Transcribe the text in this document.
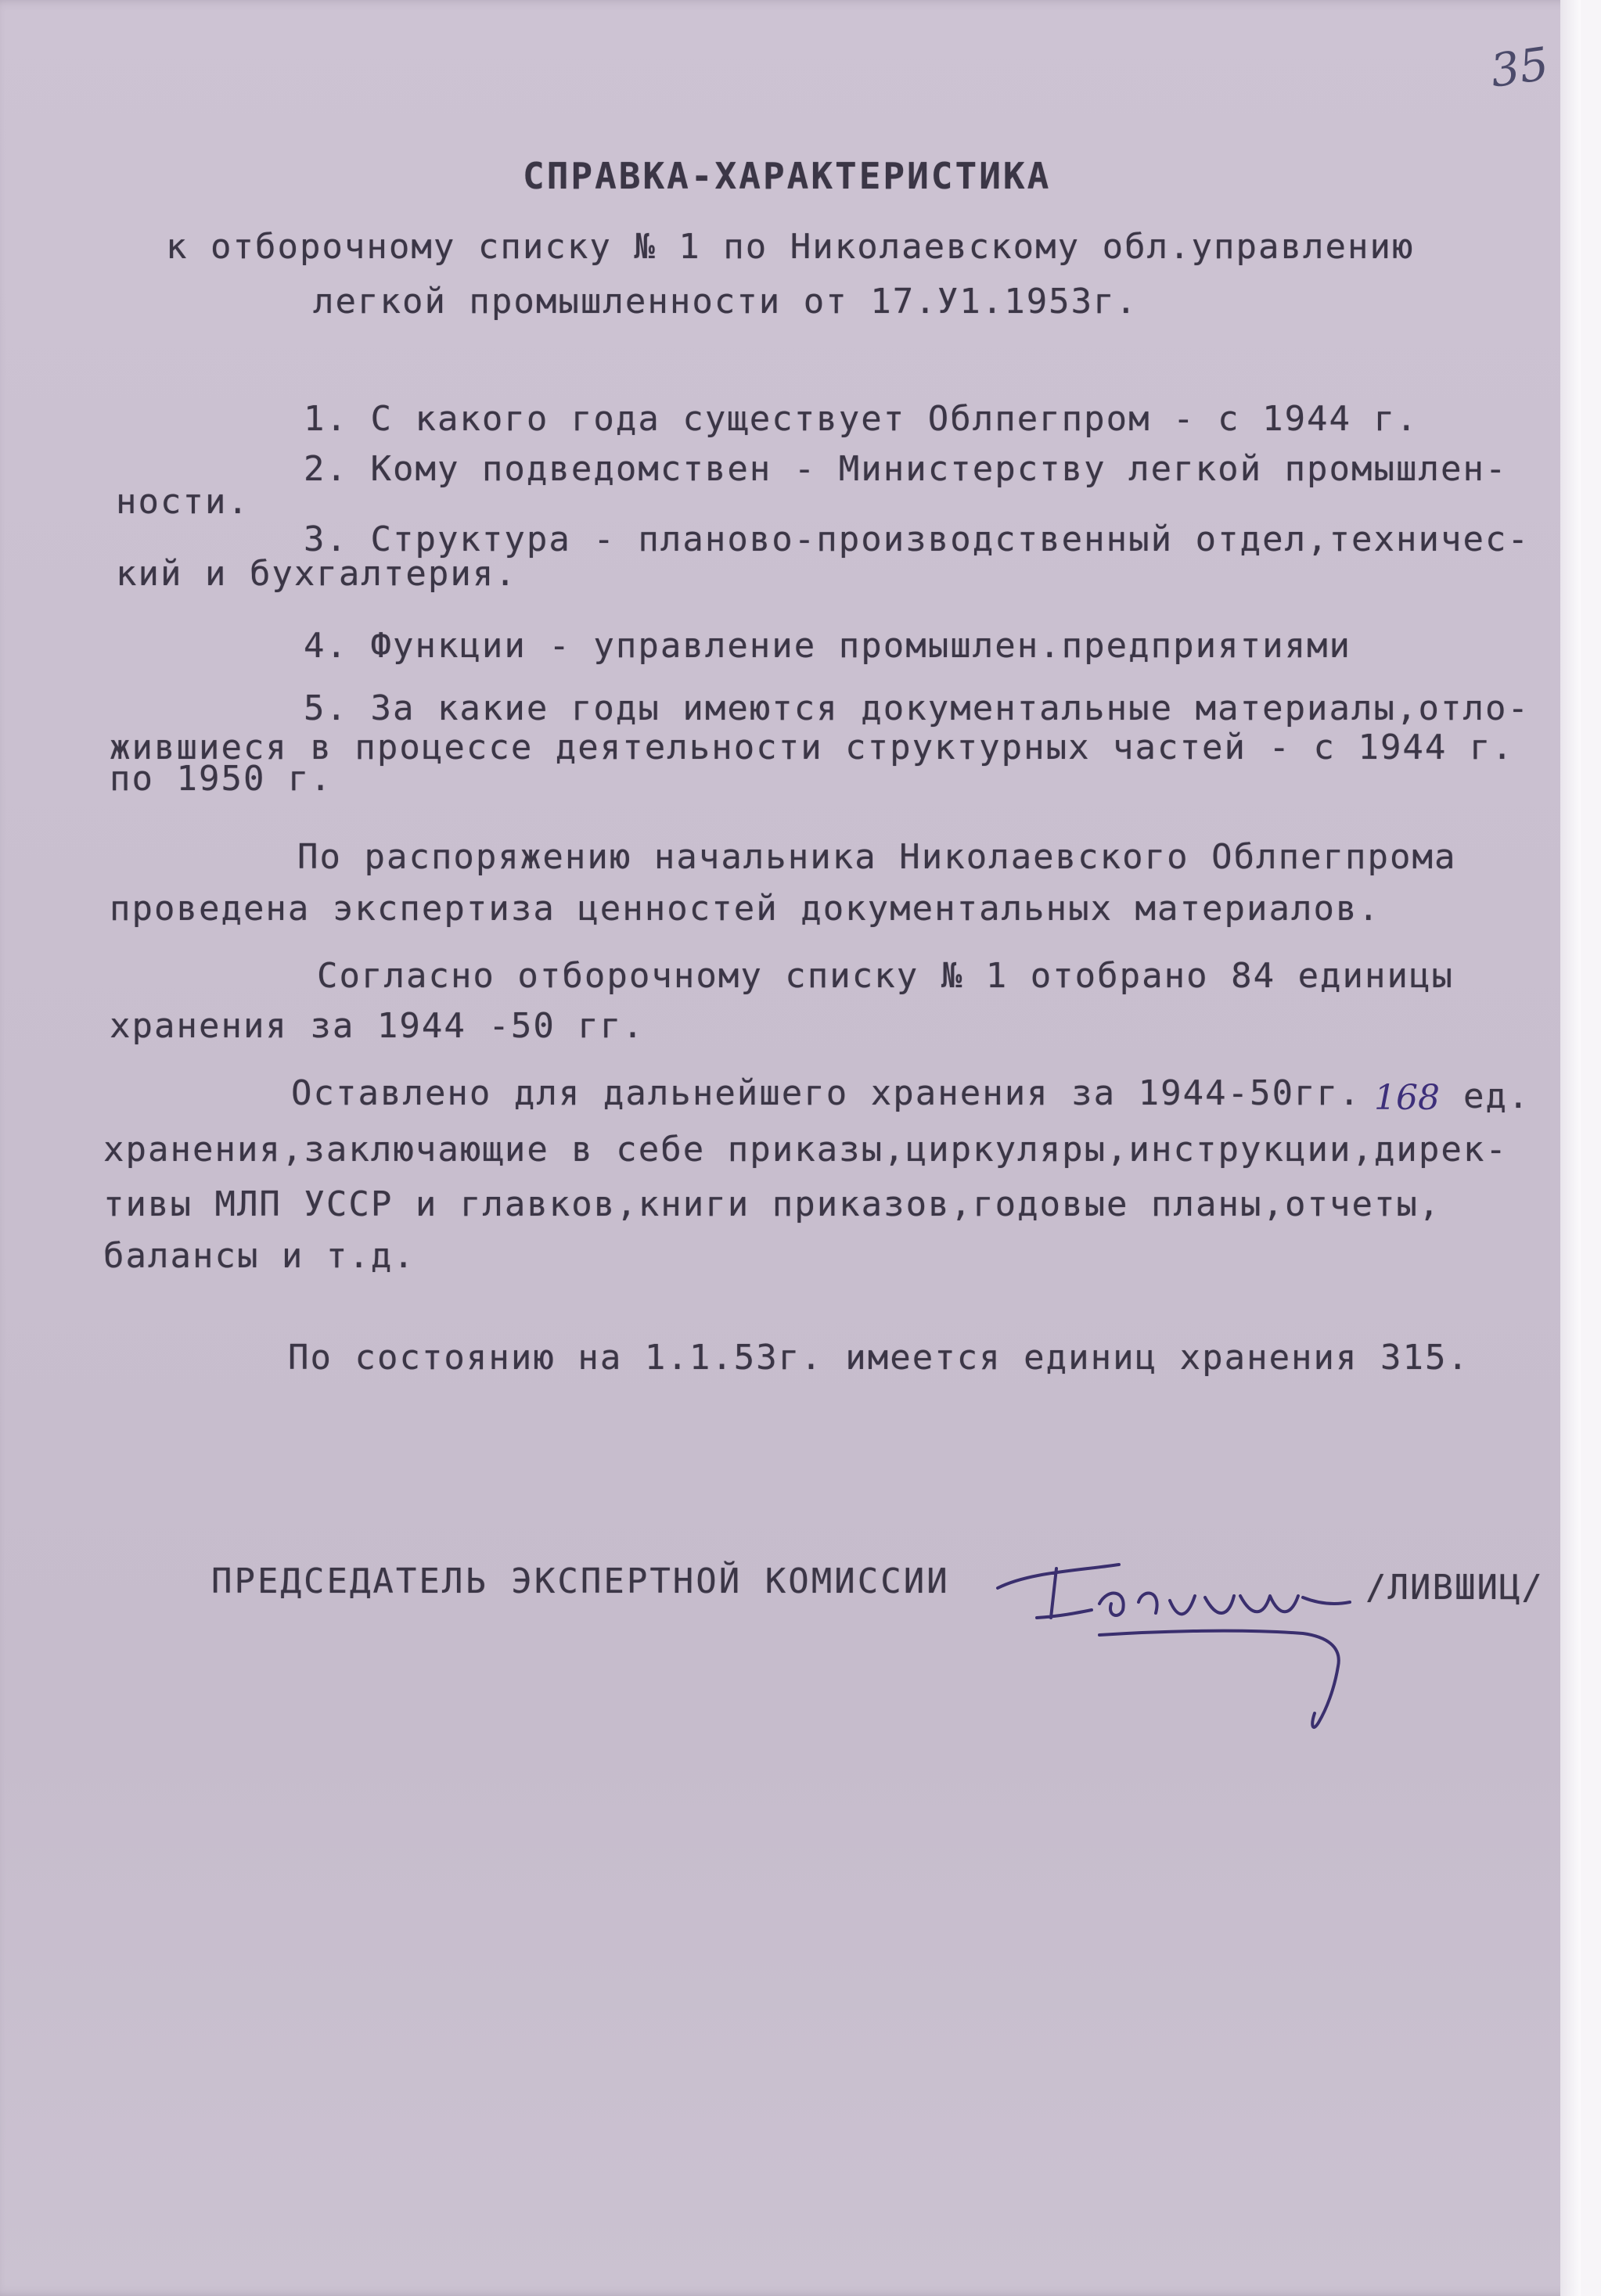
35
СПРАВКА-ХАРАКТЕРИСТИКА
к отборочному списку № 1 по Николаевскому обл.управлению
легкой промышленности от 17.У1.1953г.
1. С какого года существует Облпегпром - с 1944 г.
2. Кому подведомствен - Министерству легкой промышлен-
ности.
3. Структура - планово-производственный отдел,техничес-
кий и бухгалтерия.
4. Функции - управление промышлен.предприятиями
5. За какие годы имеются документальные материалы,отло-
жившиеся в процессе деятельности структурных частей - с 1944 г.
по 1950 г.
По распоряжению начальника Николаевского Облпегпрома
проведена экспертиза ценностей документальных материалов.
Согласно отборочному списку № 1 отобрано 84 единицы
хранения за 1944 -50 гг.
Оставлено для дальнейшего хранения за 1944-50гг. 168 ед.
хранения,заключающие в себе приказы,циркуляры,инструкции,дирек-
тивы МЛП УССР и главков,книги приказов,годовые планы,отчеты,
балансы и т.д.
По состоянию на 1.1.53г. имеется единиц хранения 315.
ПРЕДСЕДАТЕЛЬ ЭКСПЕРТНОЙ КОМИССИИ	/ЛИВШИЦ/
